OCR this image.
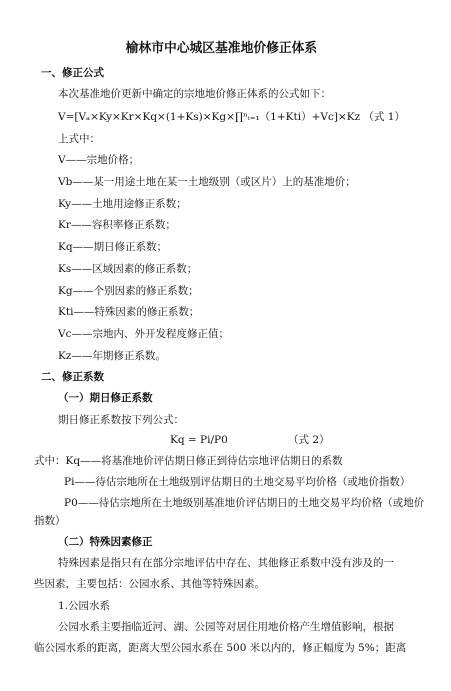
榆林市中心城区基准地价修正体系
一、修正公式
本次基准地价更新中确定的宗地地价修正体系的公式如下：
V=[Vₐ×Ky×Kr×Kq×(1+Ks)×Kg×∏ⁿᵢ₌₁（1+Kti）+Vc]×Kz （式 1）
上式中：
V——宗地价格；
Vb——某一用途土地在某一土地级别（或区片）上的基准地价；
Ky——土地用途修正系数；
Kr——容积率修正系数；
Kq——期日修正系数；
Ks——区域因素的修正系数；
Kg——个别因素的修正系数；
Kti——特殊因素的修正系数；
Vc——宗地内、外开发程度修正值；
Kz——年期修正系数。
二、修正系数
（一）期日修正系数
期日修正系数按下列公式：
Kq = Pi/P0	（式 2）
式中：Kq——将基准地价评估期日修正到待估宗地评估期日的系数
Pi——待估宗地所在土地级别评估期日的土地交易平均价格（或地价指数）
P0——待估宗地所在土地级别基准地价评估期日的土地交易平均价格（或地价
指数）
（二）特殊因素修正
特殊因素是指只有在部分宗地评估中存在、其他修正系数中没有涉及的一
些因素，主要包括：公园水系、其他等特殊因素。
1.公园水系
公园水系主要指临近河、湖、公园等对居住用地价格产生增值影响，根据
临公园水系的距离，距离大型公园水系在 500 米以内的，修正幅度为 5%；距离
